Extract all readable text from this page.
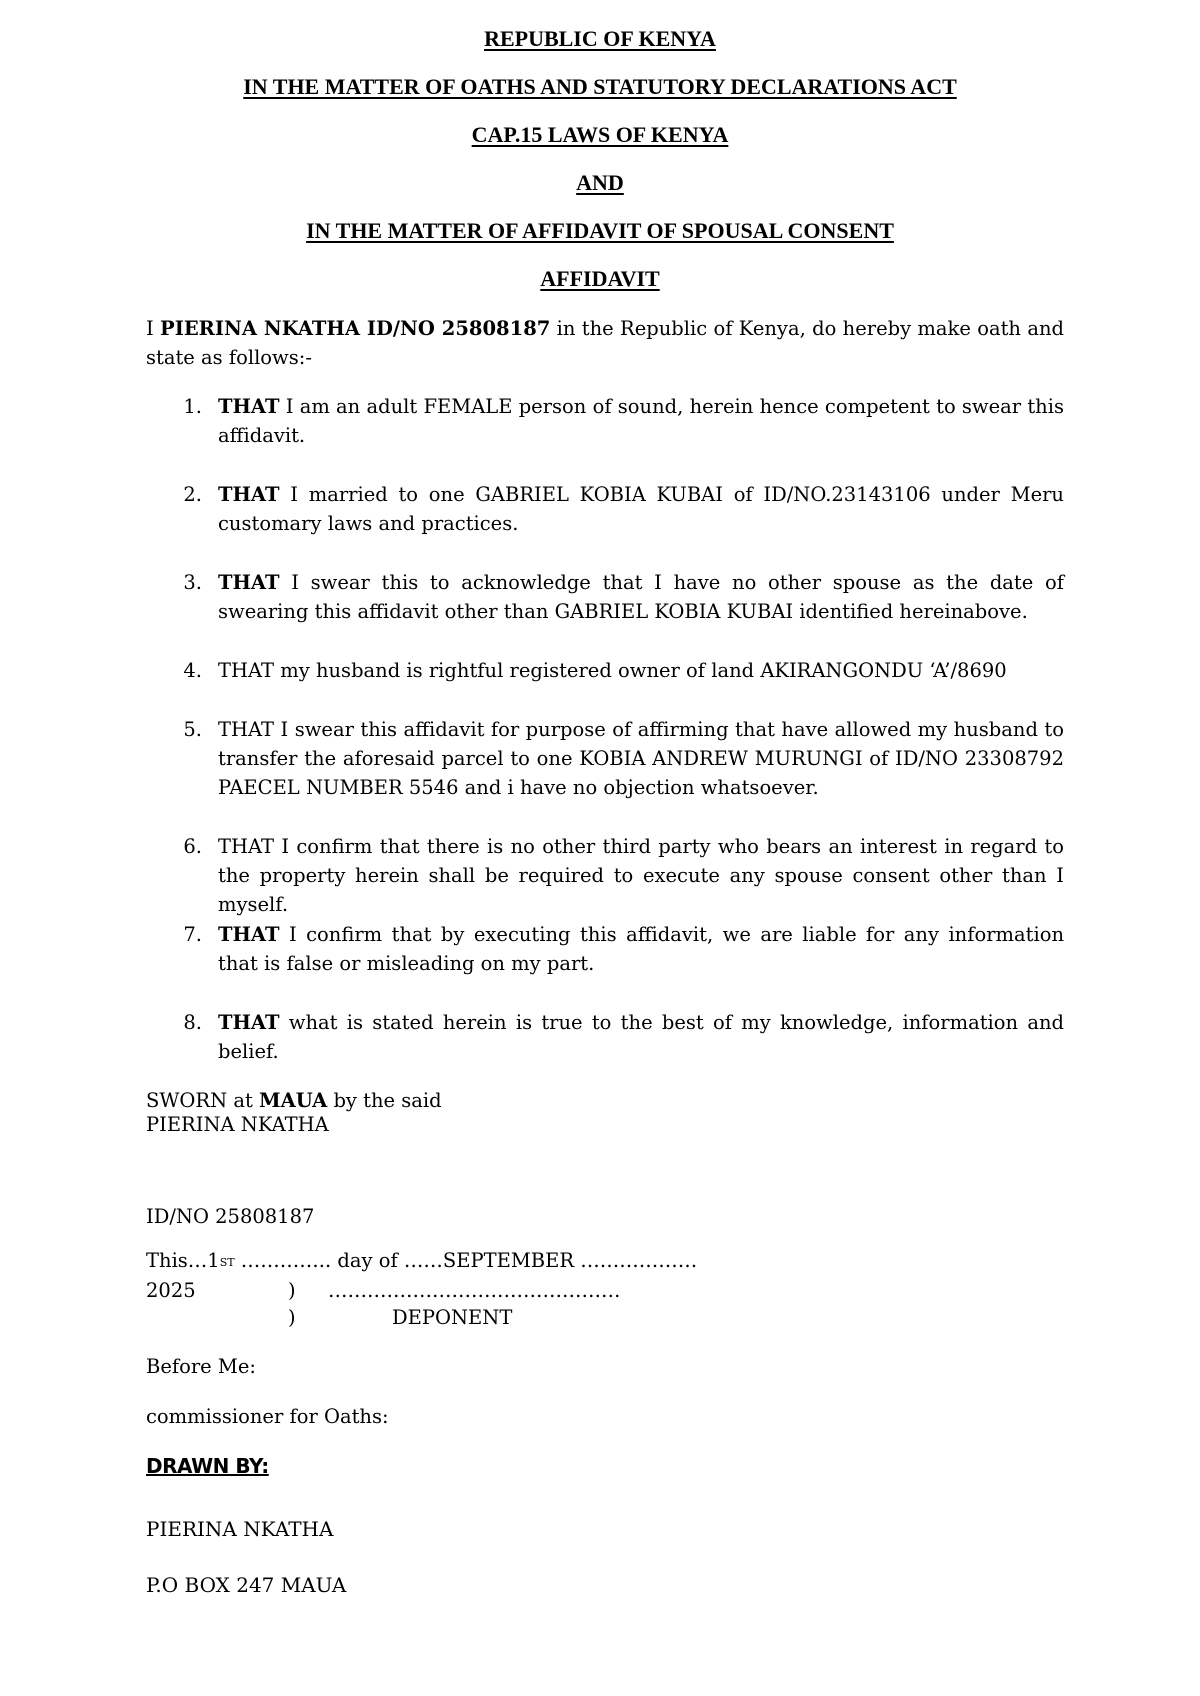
REPUBLIC OF KENYA
IN THE MATTER OF OATHS AND STATUTORY DECLARATIONS ACT
CAP.15 LAWS OF KENYA
AND
IN THE MATTER OF AFFIDAVIT OF SPOUSAL CONSENT
AFFIDAVIT
I PIERINA NKATHA ID/NO 25808187 in the Republic of Kenya, do hereby make oath and state as follows:-
1. THAT I am an adult FEMALE person of sound, herein hence competent to swear this affidavit.
2. THAT I married to one GABRIEL KOBIA KUBAI of ID/NO.23143106 under Meru customary laws and practices.
3. THAT I swear this to acknowledge that I have no other spouse as the date of swearing this affidavit other than GABRIEL KOBIA KUBAI identified hereinabove.
4. THAT my husband is rightful registered owner of land AKIRANGONDU ‘A’/8690
5. THAT I swear this affidavit for purpose of affirming that have allowed my husband to transfer the aforesaid parcel to one KOBIA ANDREW MURUNGI of ID/NO 23308792 PAECEL NUMBER 5546 and i have no objection whatsoever.
6. THAT I confirm that there is no other third party who bears an interest in regard to the property herein shall be required to execute any spouse consent other than I myself.
7. THAT I confirm that by executing this affidavit, we are liable for any information that is false or misleading on my part.
8. THAT what is stated herein is true to the best of my knowledge, information and belief.
SWORN at MAUA by the said
PIERINA NKATHA
ID/NO 25808187
This…1ST ………….. day of ……SEPTEMBER ………………
2025	) ………………………………………
)	DEPONENT
Before Me:
commissioner for Oaths:
DRAWN BY:
PIERINA NKATHA
P.O BOX 247 MAUA
